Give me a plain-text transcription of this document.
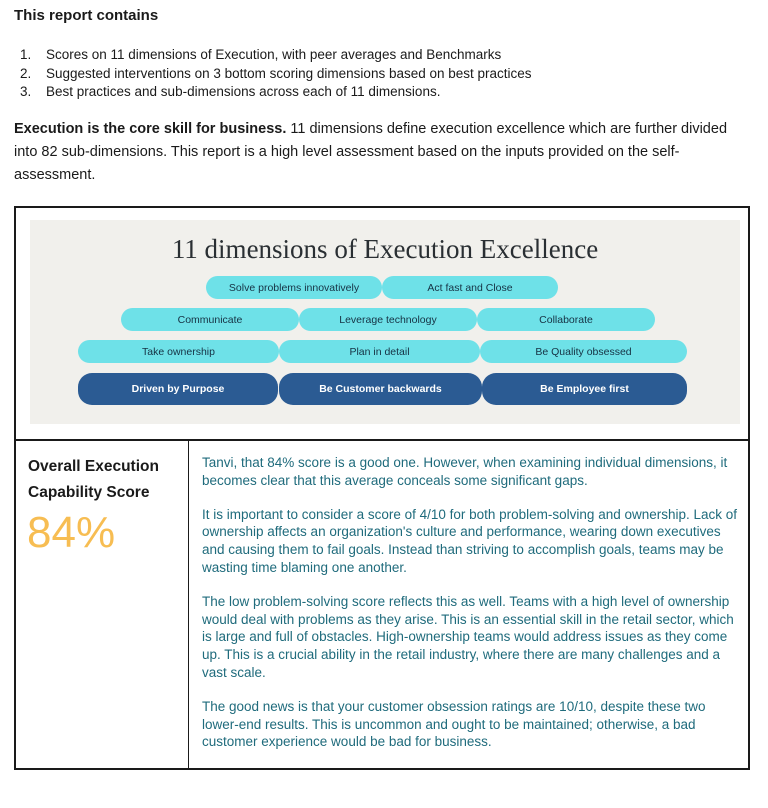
This report contains

1.	Scores on 11 dimensions of Execution, with peer averages and Benchmarks
2.	Suggested interventions on 3 bottom scoring dimensions based on best practices
3.	Best practices and sub-dimensions across each of 11 dimensions.

Execution is the core skill for business. 11 dimensions define execution excellence which are further divided into 82 sub-dimensions. This report is a high level assessment based on the inputs provided on the self- assessment.

11 dimensions of Execution Excellence

Solve problems innovatively	Act fast and Close
Communicate	Leverage technology	Collaborate
Take ownership	Plan in detail	Be Quality obsessed
Driven by Purpose	Be Customer backwards	Be Employee first

Overall Execution Capability Score

84%

Tanvi, that 84% score is a good one. However, when examining individual dimensions, it becomes clear that this average conceals some significant gaps.

It is important to consider a score of 4/10 for both problem-solving and ownership. Lack of ownership affects an organization's culture and performance, wearing down executives and causing them to fail goals. Instead than striving to accomplish goals, teams may be wasting time blaming one another.

The low problem-solving score reflects this as well. Teams with a high level of ownership would deal with problems as they arise. This is an essential skill in the retail sector, which is large and full of obstacles. High-ownership teams would address issues as they come up. This is a crucial ability in the retail industry, where there are many challenges and a vast scale.

The good news is that your customer obsession ratings are 10/10, despite these two lower-end results. This is uncommon and ought to be maintained; otherwise, a bad customer experience would be bad for business.
